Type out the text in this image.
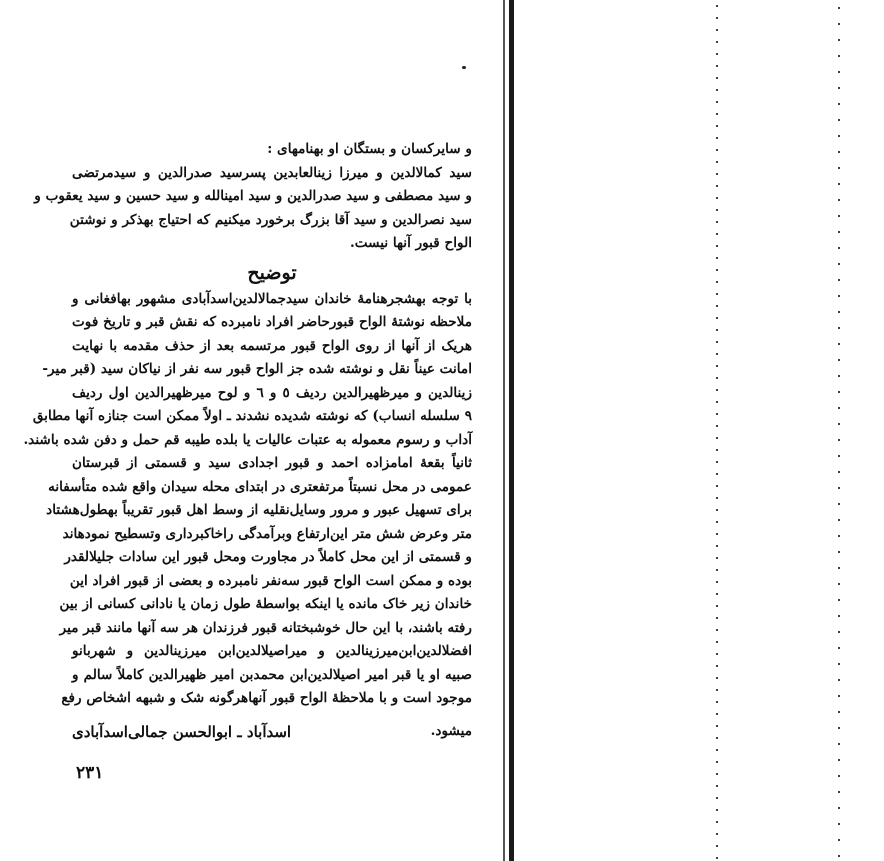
و سایرکسان و بستگان او بهنامهای :
سید کمالالدین و میرزا زینالعابدین پسرسید صدرالدین و سیدمرتضی
و سید مصطفی و سید صدرالدین و سید امینالله و سید حسین و سید یعقوب و
سید نصرالدین و سید آقا بزرگ برخورد میکنیم که احتیاج بهذکر و نوشتن
الواح قبور آنها نیست.
توضیح
با توجه بهشجرهنامهٔ خاندان سیدجمالالدین‌اسدآبادی مشهور بهافغانی و
ملاحظه نوشتهٔ الواح قبورحاضر افراد نامبرده که نقش قبر و تاریخ فوت
هریک از آنها از روی الواح قبور مرتسمه بعد از حذف مقدمه با نهایت
امانت عیناً نقل و نوشته شده جز الواح قبور سه نفر از نیاکان سید (قبر میر-
زینالدین و میرظهیرالدین ردیف ٥ و ٦ و لوح میرظهیرالدین اول ردیف
٩ سلسله انساب) که نوشته شدیده نشدند ـ اولاً ممکن است جنازه آنها مطابق
آداب و رسوم معموله به عتبات عالیات یا بلده طیبه قم حمل و دفن شده باشند.
ثانیاً بقعهٔ امامزاده احمد و قبور اجدادی سید و قسمتی از قبرستان
عمومی در محل نسبتاً مرتفعتری در ابتدای محله سیدان واقع شده متأسفانه
برای تسهیل عبور و مرور وسایل‌نقلیه از وسط اهل قبور تقریباً بهطول‌هشتاد
متر وعرض شش متر این‌ارتفاع وبرآمدگی راخاکبرداری وتسطیح نمودهاند
و قسمتی از این محل کاملاً در مجاورت ومحل قبور این سادات جلیلالقدر
بوده و ممکن است الواح قبور سه‌نفر نامبرده و بعضی از قبور افراد این
خاندان زیر خاک مانده یا اینکه بواسطهٔ طول زمان یا نادانی کسانی از بین
رفته باشند، با این حال خوشبختانه قبور فرزندان هر سه آنها مانند قبر میر
افضلالدین‌ابن‌میرزینالدین و میراصیلالدین‌ابن میرزینالدین و شهربانو
صبیه او یا قبر امیر اصیلالدین‌ابن محمدبن امیر ظهیرالدین کاملاً سالم و
موجود است و با ملاحظهٔ الواح قبور آنهاهرگونه شک و شبهه اشخاص رفع
میشود.
اسدآباد ـ ابوالحسن جمالی‌اسدآبادی
٢٣١
